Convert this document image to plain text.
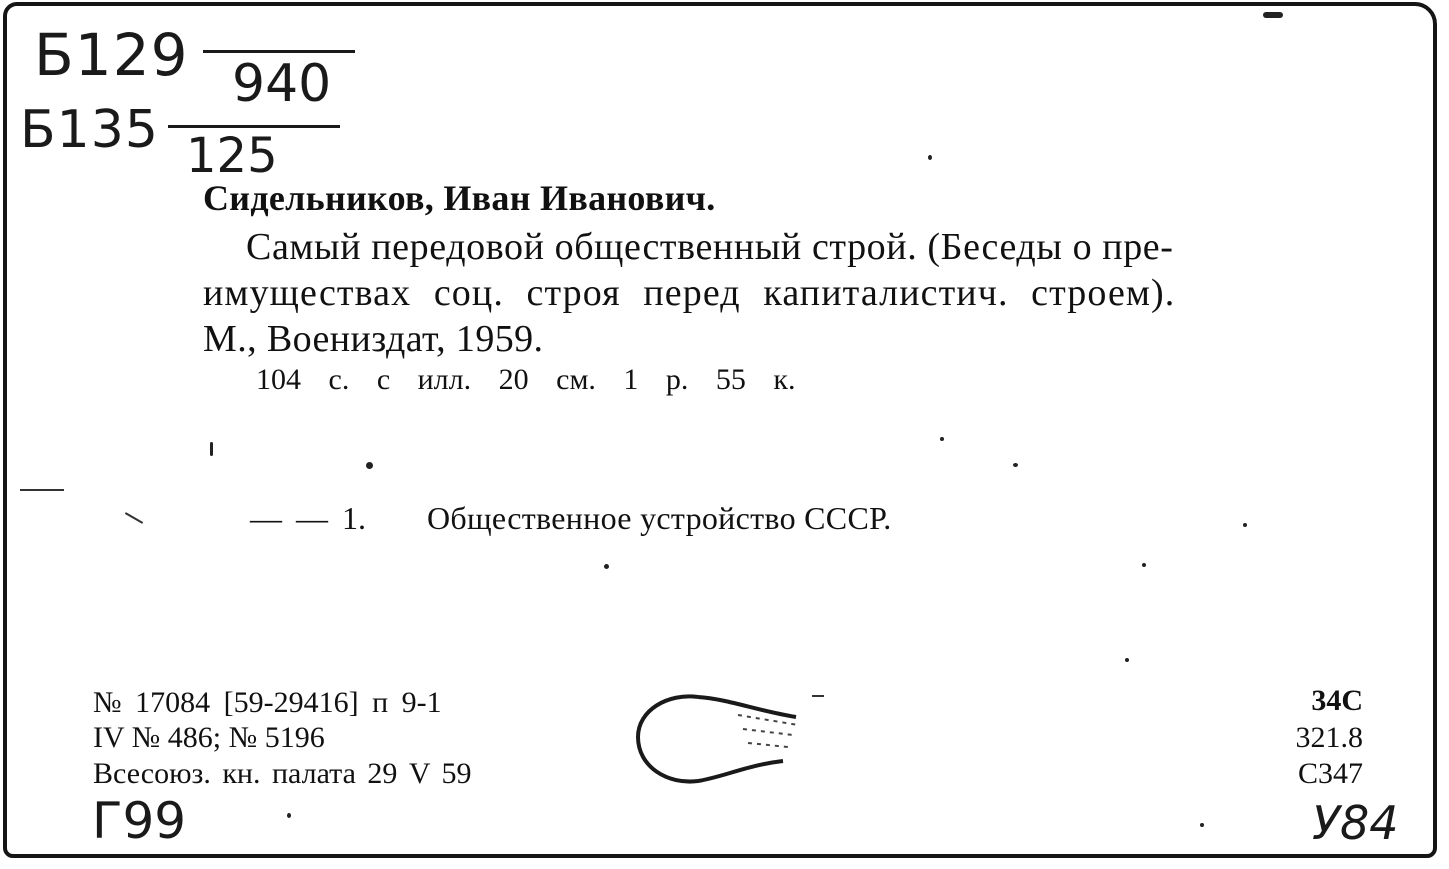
Б129 940
Б135 125
Сидельников, Иван Иванович.
Самый передовой общественный строй. (Беседы о пре-
имуществах соц. строя перед капиталистич. строем).
М., Воениздат, 1959.
104 с. с илл. 20 см. 1 р. 55 к.
— — 1. Общественное устройство СССР.
№ 17084 [59-29416] п 9-1
IV № 486; № 5196
Всесоюз. кн. палата 29 V 59
34С
321.8
С347
Г99	У84
